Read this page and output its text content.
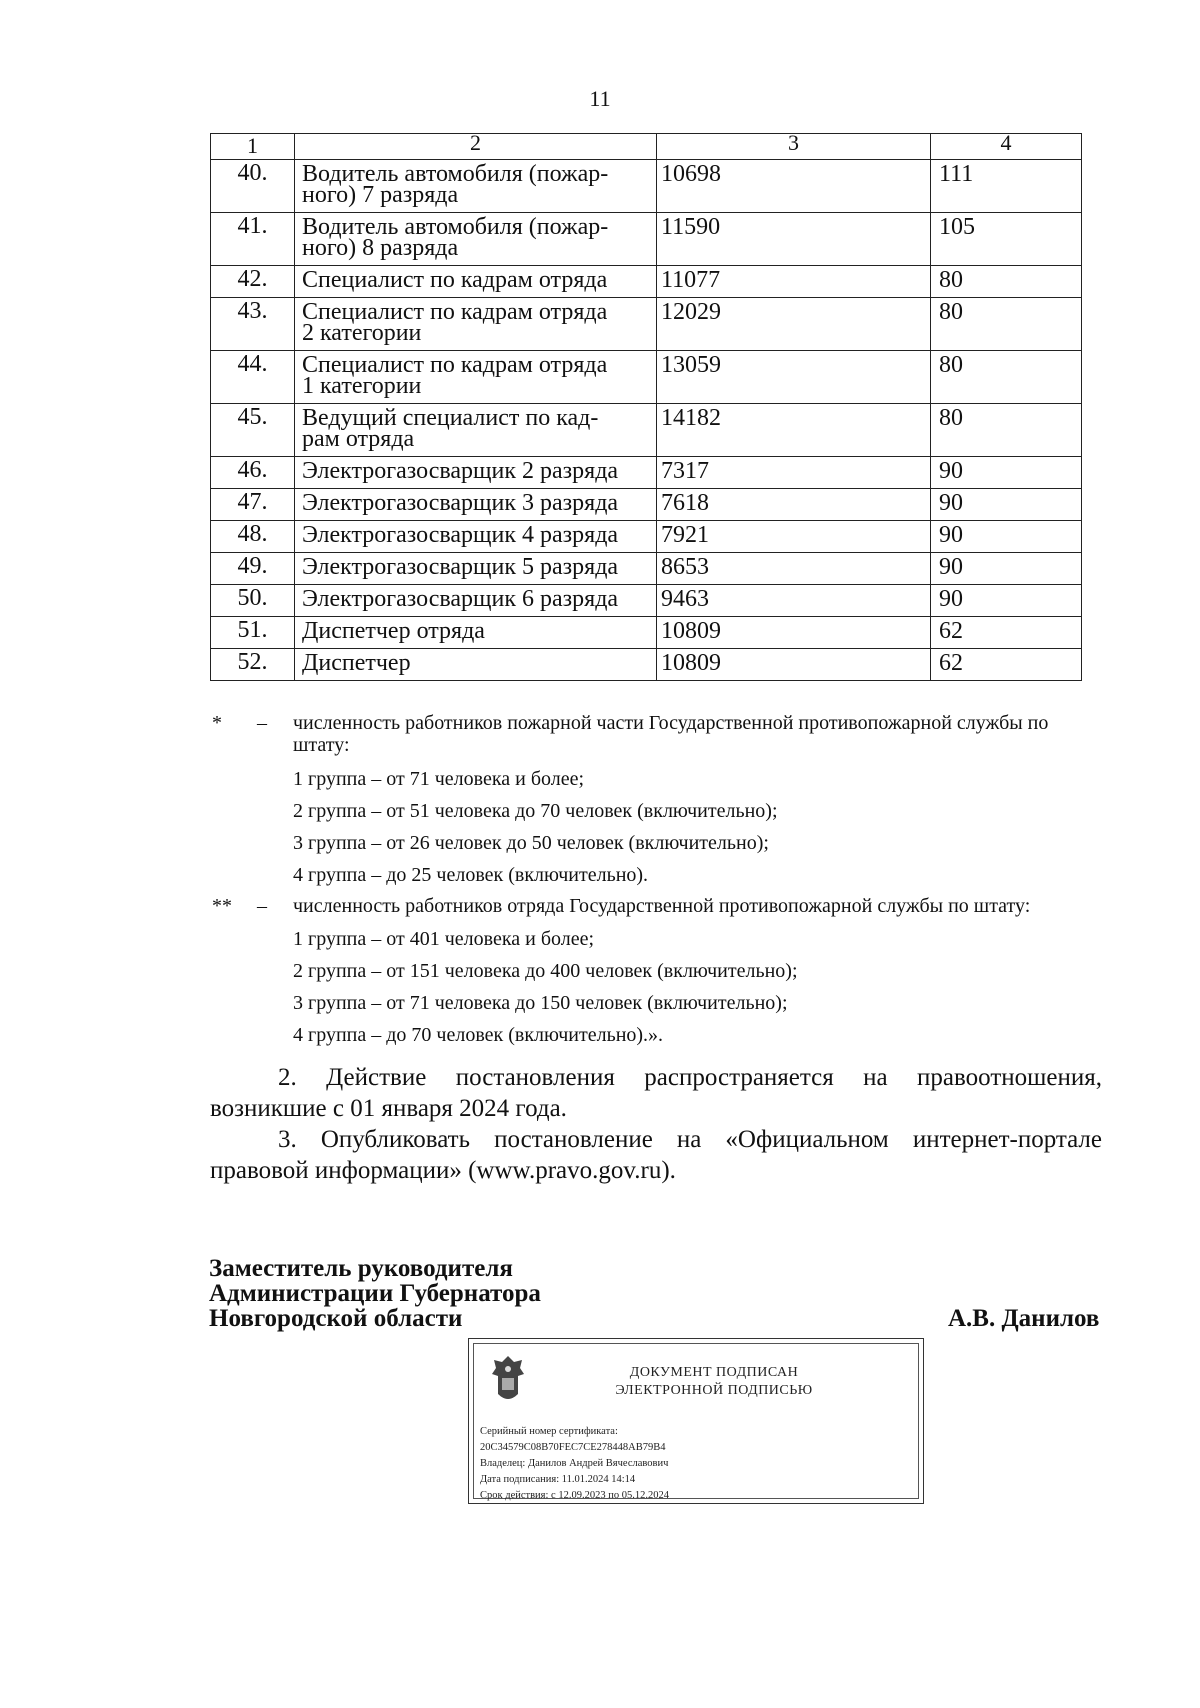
11
1	2	3	4
40.	Водитель автомобиля (пожар-
ного) 7 разряда	10698	111
41.	Водитель автомобиля (пожар-
ного) 8 разряда	11590	105
42.	Специалист по кадрам отряда	11077	80
43.	Специалист по кадрам отряда
2 категории	12029	80
44.	Специалист по кадрам отряда
1 категории	13059	80
45.	Ведущий специалист по кад-
рам отряда	14182	80
46.	Электрогазосварщик 2 разряда	7317	90
47.	Электрогазосварщик 3 разряда	7618	90
48.	Электрогазосварщик 4 разряда	7921	90
49.	Электрогазосварщик 5 разряда	8653	90
50.	Электрогазосварщик 6 разряда	9463	90
51.	Диспетчер отряда	10809	62
52.	Диспетчер	10809	62
* – численность работников пожарной части Государственной противопожарной службы по штату:
1 группа – от 71 человека и более;
2 группа – от 51 человека до 70 человек (включительно);
3 группа – от 26 человек до 50 человек (включительно);
4 группа – до 25 человек (включительно).
** – численность работников отряда Государственной противопожарной службы по штату:
1 группа – от 401 человека и более;
2 группа – от 151 человека до 400 человек (включительно);
3 группа – от 71 человека до 150 человек (включительно);
4 группа – до 70 человек (включительно).».
2. Действие постановления распространяется на правоотношения, возникшие с 01 января 2024 года.
3. Опубликовать постановление на «Официальном интернет-портале правовой информации» (www.pravo.gov.ru).
Заместитель руководителя
Администрации Губернатора
Новгородской области	А.В. Данилов
ДОКУМЕНТ ПОДПИСАН
ЭЛЕКТРОННОЙ ПОДПИСЬЮ
Серийный номер сертификата:
20C34579C08B70FEC7CE278448AB79B4
Владелец: Данилов Андрей Вячеславович
Дата подписания: 11.01.2024 14:14
Срок действия: с 12.09.2023 по 05.12.2024
